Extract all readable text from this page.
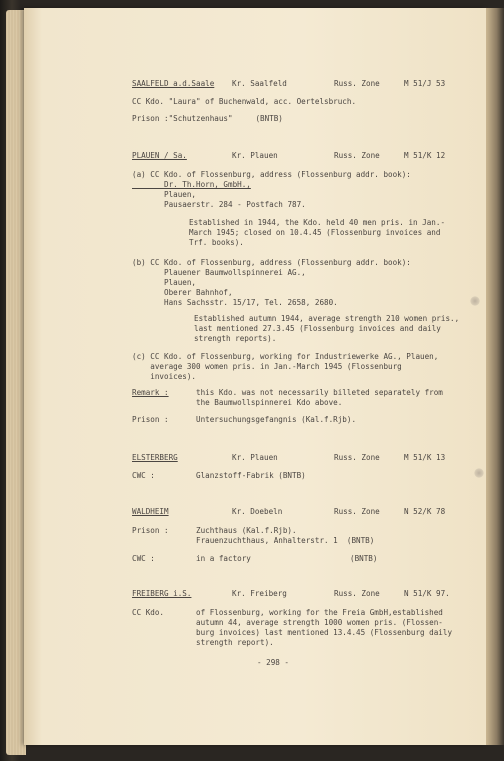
SAALFELD a.d.Saale Kr. Saalfeld	Russ. Zone	M 51/J 53
CC Kdo. "Laura" of Buchenwald, acc. Oertelsbruch.
Prison :"Schutzenhaus"     (BNTB)
PLAUEN / Sa.	Kr. Plauen	Russ. Zone	M 51/K 12
(a) CC Kdo. of Flossenburg, address (Flossenburg addr. book):
Dr. Th.Horn, GmbH.,
Plauen,
Pausaerstr. 284 - Postfach 787.
Established in 1944, the Kdo. held 40 men pris. in Jan.-
March 1945; closed on 10.4.45 (Flossenburg invoices and
Trf. books).
(b) CC Kdo. of Flossenburg, address (Flossenburg addr. book):
Plauener Baumwollspinnerei AG.,
Plauen,
Oberer Bahnhof,
Hans Sachsstr. 15/17, Tel. 2658, 2680.
Established autumn 1944, average strength 210 women pris.,
last mentioned 27.3.45 (Flossenburg invoices and daily
strength reports).
(c) CC Kdo. of Flossenburg, working for Industriewerke AG., Plauen,
average 300 women pris. in Jan.-March 1945 (Flossenburg
invoices).
Remark :	this Kdo. was not necessarily billeted separately from
the Baumwollspinnerei Kdo above.
Prison :	Untersuchungsgefangnis (Kal.f.Rjb).
ELSTERBERG	Kr. Plauen	Russ. Zone	M 51/K 13
CWC :	Glanzstoff-Fabrik (BNTB)
WALDHEIM	Kr. Doebeln	Russ. Zone	N 52/K 78
Prison :	Zuchthaus (Kal.f.Rjb).
Frauenzuchthaus, Anhalterstr. 1  (BNTB)
CWC :	in a factory	(BNTB)
FREIBERG i.S.	Kr. Freiberg	Russ. Zone	N 51/K 97.
CC Kdo.	of Flossenburg, working for the Freia GmbH,established
autumn 44, average strength 1000 women pris. (Flossen-
burg invoices) last mentioned 13.4.45 (Flossenburg daily
strength report).
- 298 -
